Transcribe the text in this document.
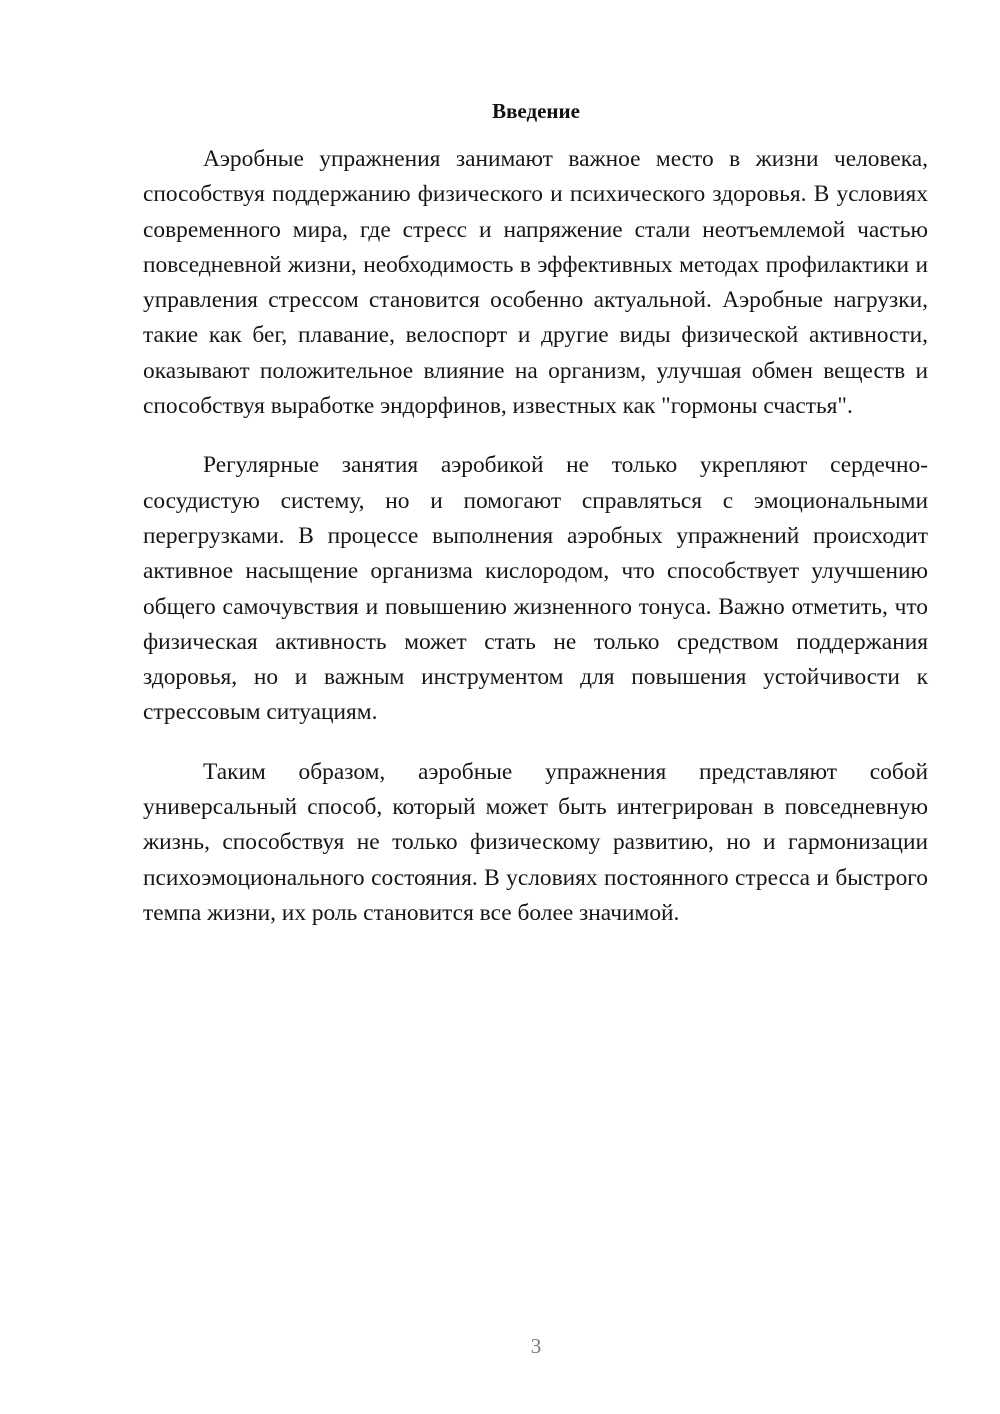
Введение

Аэробные упражнения занимают важное место в жизни человека, способствуя поддержанию физического и психического здоровья. В условиях современного мира, где стресс и напряжение стали неотъемлемой частью повседневной жизни, необходимость в эффективных методах профилактики и управления стрессом становится особенно актуальной. Аэробные нагрузки, такие как бег, плавание, велоспорт и другие виды физической активности, оказывают положительное влияние на организм, улучшая обмен веществ и способствуя выработке эндорфинов, известных как "гормоны счастья".

Регулярные занятия аэробикой не только укрепляют сердечно-сосудистую систему, но и помогают справляться с эмоциональными перегрузками. В процессе выполнения аэробных упражнений происходит активное насыщение организма кислородом, что способствует улучшению общего самочувствия и повышению жизненного тонуса. Важно отметить, что физическая активность может стать не только средством поддержания здоровья, но и важным инструментом для повышения устойчивости к стрессовым ситуациям.

Таким образом, аэробные упражнения представляют собой универсальный способ, который может быть интегрирован в повседневную жизнь, способствуя не только физическому развитию, но и гармонизации психоэмоционального состояния. В условиях постоянного стресса и быстрого темпа жизни, их роль становится все более значимой.

3
